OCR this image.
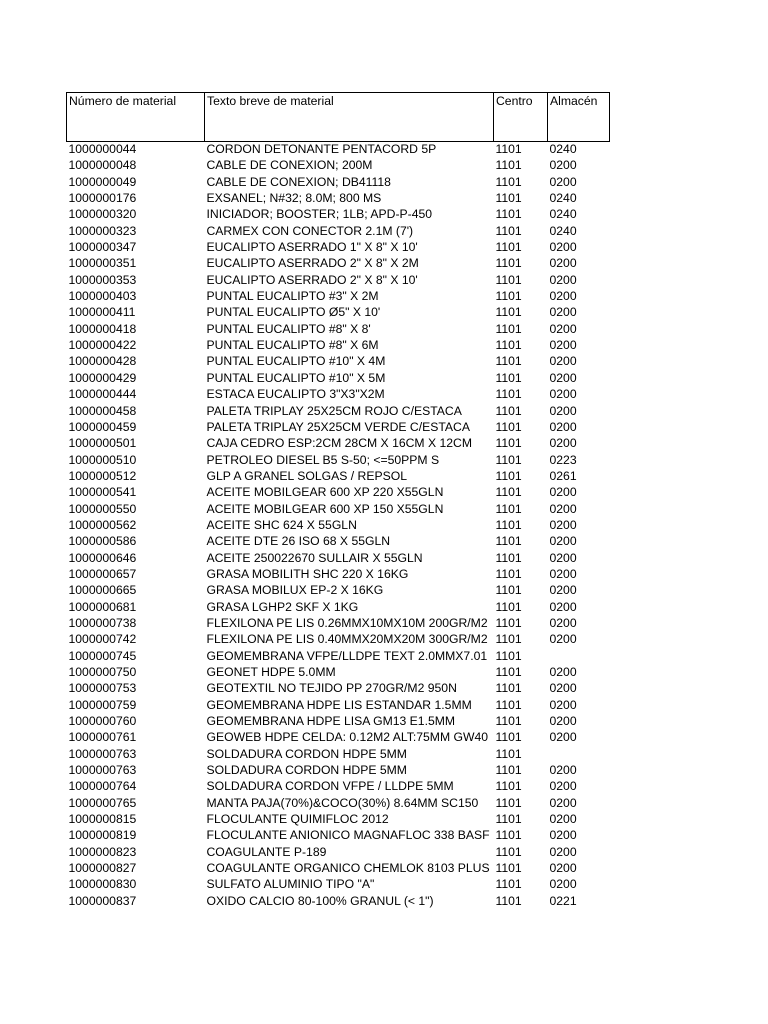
Número de material	Texto breve de material	Centro	Almacén
1000000044	CORDON DETONANTE PENTACORD 5P	1101	0240
1000000048	CABLE DE CONEXION; 200M	1101	0200
1000000049	CABLE DE CONEXION; DB41118	1101	0200
1000000176	EXSANEL; N#32; 8.0M; 800 MS	1101	0240
1000000320	INICIADOR; BOOSTER; 1LB; APD-P-450	1101	0240
1000000323	CARMEX CON CONECTOR 2.1M (7')	1101	0240
1000000347	EUCALIPTO ASERRADO 1" X 8" X 10'	1101	0200
1000000351	EUCALIPTO ASERRADO 2" X 8" X 2M	1101	0200
1000000353	EUCALIPTO ASERRADO 2" X 8" X 10'	1101	0200
1000000403	PUNTAL EUCALIPTO #3" X 2M	1101	0200
1000000411	PUNTAL EUCALIPTO Ø5" X 10'	1101	0200
1000000418	PUNTAL EUCALIPTO #8" X 8'	1101	0200
1000000422	PUNTAL EUCALIPTO #8" X 6M	1101	0200
1000000428	PUNTAL EUCALIPTO #10" X 4M	1101	0200
1000000429	PUNTAL EUCALIPTO #10" X 5M	1101	0200
1000000444	ESTACA EUCALIPTO 3"X3"X2M	1101	0200
1000000458	PALETA TRIPLAY 25X25CM ROJO C/ESTACA	1101	0200
1000000459	PALETA TRIPLAY 25X25CM VERDE C/ESTACA	1101	0200
1000000501	CAJA CEDRO ESP:2CM 28CM X 16CM X 12CM	1101	0200
1000000510	PETROLEO DIESEL B5 S-50; <=50PPM S	1101	0223
1000000512	GLP A GRANEL SOLGAS / REPSOL	1101	0261
1000000541	ACEITE MOBILGEAR 600 XP 220 X55GLN	1101	0200
1000000550	ACEITE MOBILGEAR 600 XP 150 X55GLN	1101	0200
1000000562	ACEITE SHC 624 X 55GLN	1101	0200
1000000586	ACEITE DTE 26 ISO 68 X 55GLN	1101	0200
1000000646	ACEITE 250022670 SULLAIR X 55GLN	1101	0200
1000000657	GRASA MOBILITH SHC 220 X 16KG	1101	0200
1000000665	GRASA MOBILUX EP-2 X 16KG	1101	0200
1000000681	GRASA LGHP2 SKF X 1KG	1101	0200
1000000738	FLEXILONA PE LIS 0.26MMX10MX10M 200GR/M2	1101	0200
1000000742	FLEXILONA PE LIS 0.40MMX20MX20M 300GR/M2	1101	0200
1000000745	GEOMEMBRANA VFPE/LLDPE TEXT 2.0MMX7.01	1101	
1000000750	GEONET HDPE 5.0MM	1101	0200
1000000753	GEOTEXTIL NO TEJIDO PP 270GR/M2 950N	1101	0200
1000000759	GEOMEMBRANA HDPE LIS ESTANDAR 1.5MM	1101	0200
1000000760	GEOMEMBRANA HDPE LISA GM13 E1.5MM	1101	0200
1000000761	GEOWEB HDPE CELDA: 0.12M2 ALT:75MM GW40	1101	0200
1000000763	SOLDADURA CORDON HDPE 5MM	1101	
1000000763	SOLDADURA CORDON HDPE 5MM	1101	0200
1000000764	SOLDADURA CORDON VFPE / LLDPE 5MM	1101	0200
1000000765	MANTA PAJA(70%)&COCO(30%) 8.64MM SC150	1101	0200
1000000815	FLOCULANTE QUIMIFLOC 2012	1101	0200
1000000819	FLOCULANTE ANIONICO MAGNAFLOC 338 BASF	1101	0200
1000000823	COAGULANTE P-189	1101	0200
1000000827	COAGULANTE ORGANICO CHEMLOK 8103 PLUS	1101	0200
1000000830	SULFATO ALUMINIO TIPO "A"	1101	0200
1000000837	OXIDO CALCIO 80-100% GRANUL (< 1")	1101	0221
